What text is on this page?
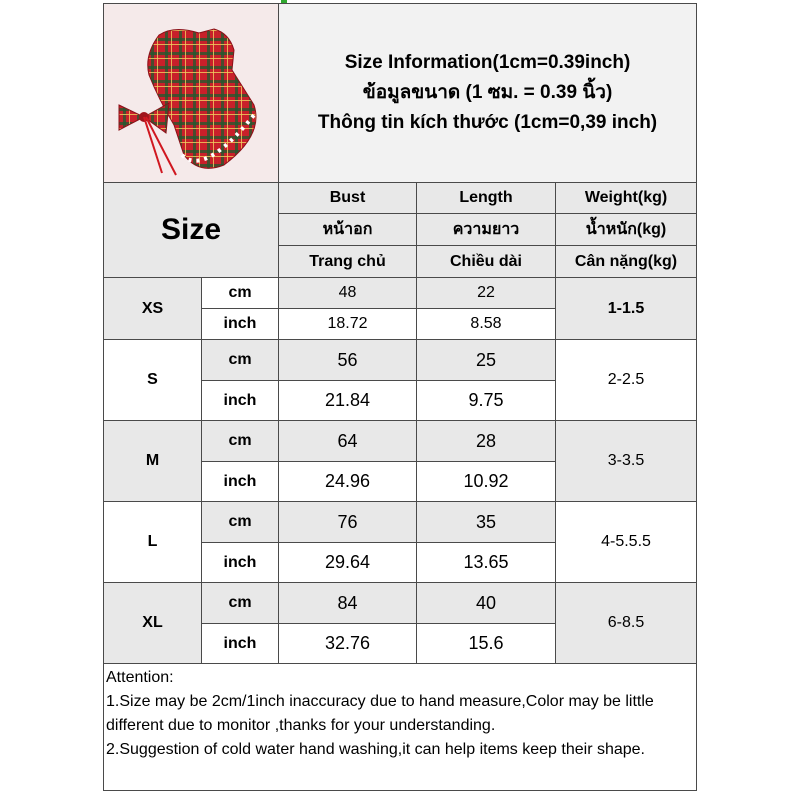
Size Information(1cm=0.39inch)
ข้อมูลขนาด (1 ซม. = 0.39 นิ้ว)
Thông tin kích thước (1cm=0,39 inch)		

Size		Bust	Length	Weight(kg)
		หน้าอก	ความยาว	น้ำหนัก(kg)
		Trang chủ	Chiều dài	Cân nặng(kg)
XS	cm	48	22	1-1.5
	inch	18.72	8.58	
S	cm	56	25	2-2.5
	inch	21.84	9.75	
M	cm	64	28	3-3.5
	inch	24.96	10.92	
L	cm	76	35	4-5.5.5
	inch	29.64	13.65	
XL	cm	84	40	6-8.5
	inch	32.76	15.6	

Attention:
1.Size may be 2cm/1inch inaccuracy due to hand measure,Color may be little different due to monitor ,thanks for your understanding.
2.Suggestion of cold water hand washing,it can help items keep their shape.				
